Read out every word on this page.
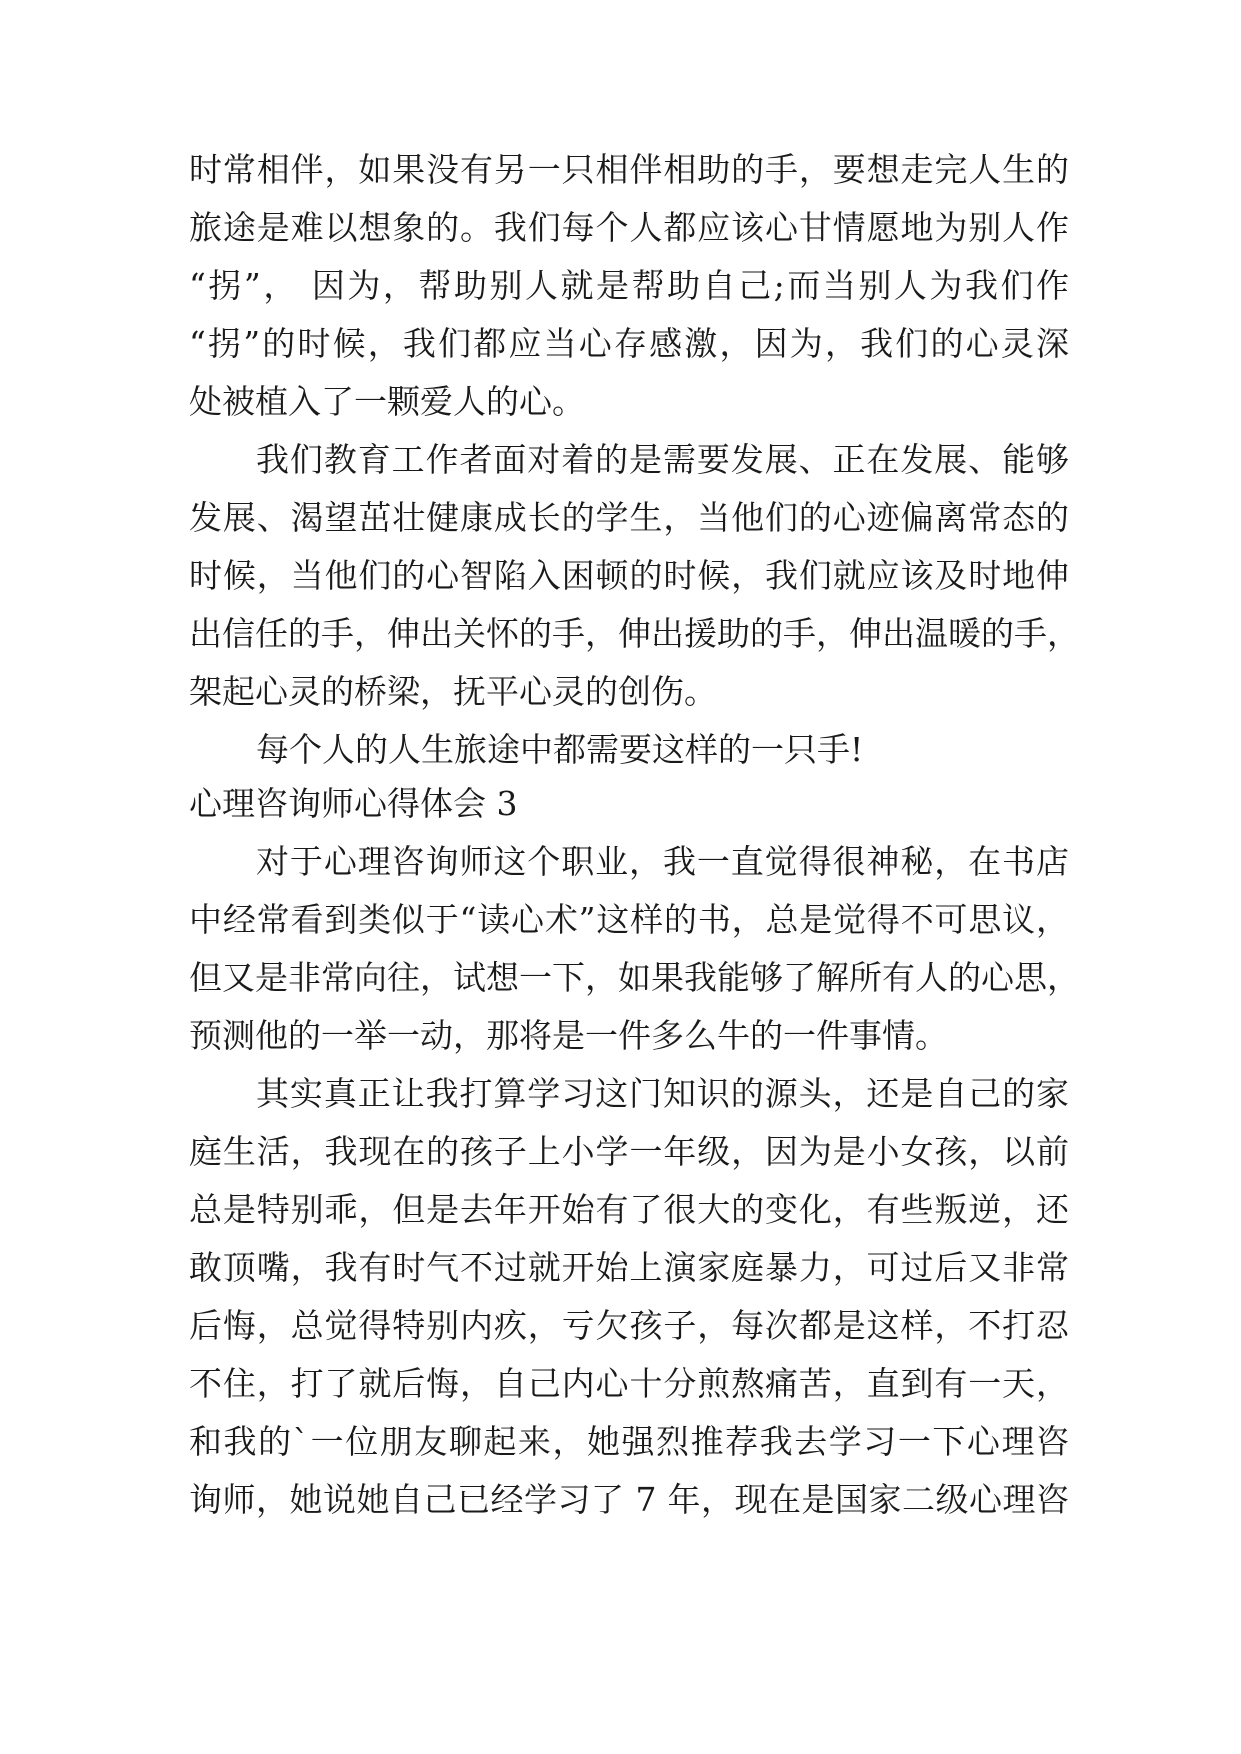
时常相伴，如果没有另一只相伴相助的手，要想走完人生的
旅途是难以想象的。我们每个人都应该心甘情愿地为别人作
“拐”， 因为，帮助别人就是帮助自己;而当别人为我们作
“拐”的时候，我们都应当心存感激，因为，我们的心灵深
处被植入了一颗爱人的心。
我们教育工作者面对着的是需要发展、正在发展、能够
发展、渴望茁壮健康成长的学生，当他们的心迹偏离常态的
时候，当他们的心智陷入困顿的时候，我们就应该及时地伸
出信任的手，伸出关怀的手，伸出援助的手，伸出温暖的手，
架起心灵的桥梁，抚平心灵的创伤。
每个人的人生旅途中都需要这样的一只手!
心理咨询师心得体会 3
对于心理咨询师这个职业，我一直觉得很神秘，在书店
中经常看到类似于“读心术”这样的书，总是觉得不可思议，
但又是非常向往，试想一下，如果我能够了解所有人的心思，
预测他的一举一动，那将是一件多么牛的一件事情。
其实真正让我打算学习这门知识的源头，还是自己的家
庭生活，我现在的孩子上小学一年级，因为是小女孩，以前
总是特别乖，但是去年开始有了很大的变化，有些叛逆，还
敢顶嘴，我有时气不过就开始上演家庭暴力，可过后又非常
后悔，总觉得特别内疚，亏欠孩子，每次都是这样，不打忍
不住，打了就后悔，自己内心十分煎熬痛苦，直到有一天，
和我的`一位朋友聊起来，她强烈推荐我去学习一下心理咨
询师，她说她自己已经学习了 7 年，现在是国家二级心理咨
